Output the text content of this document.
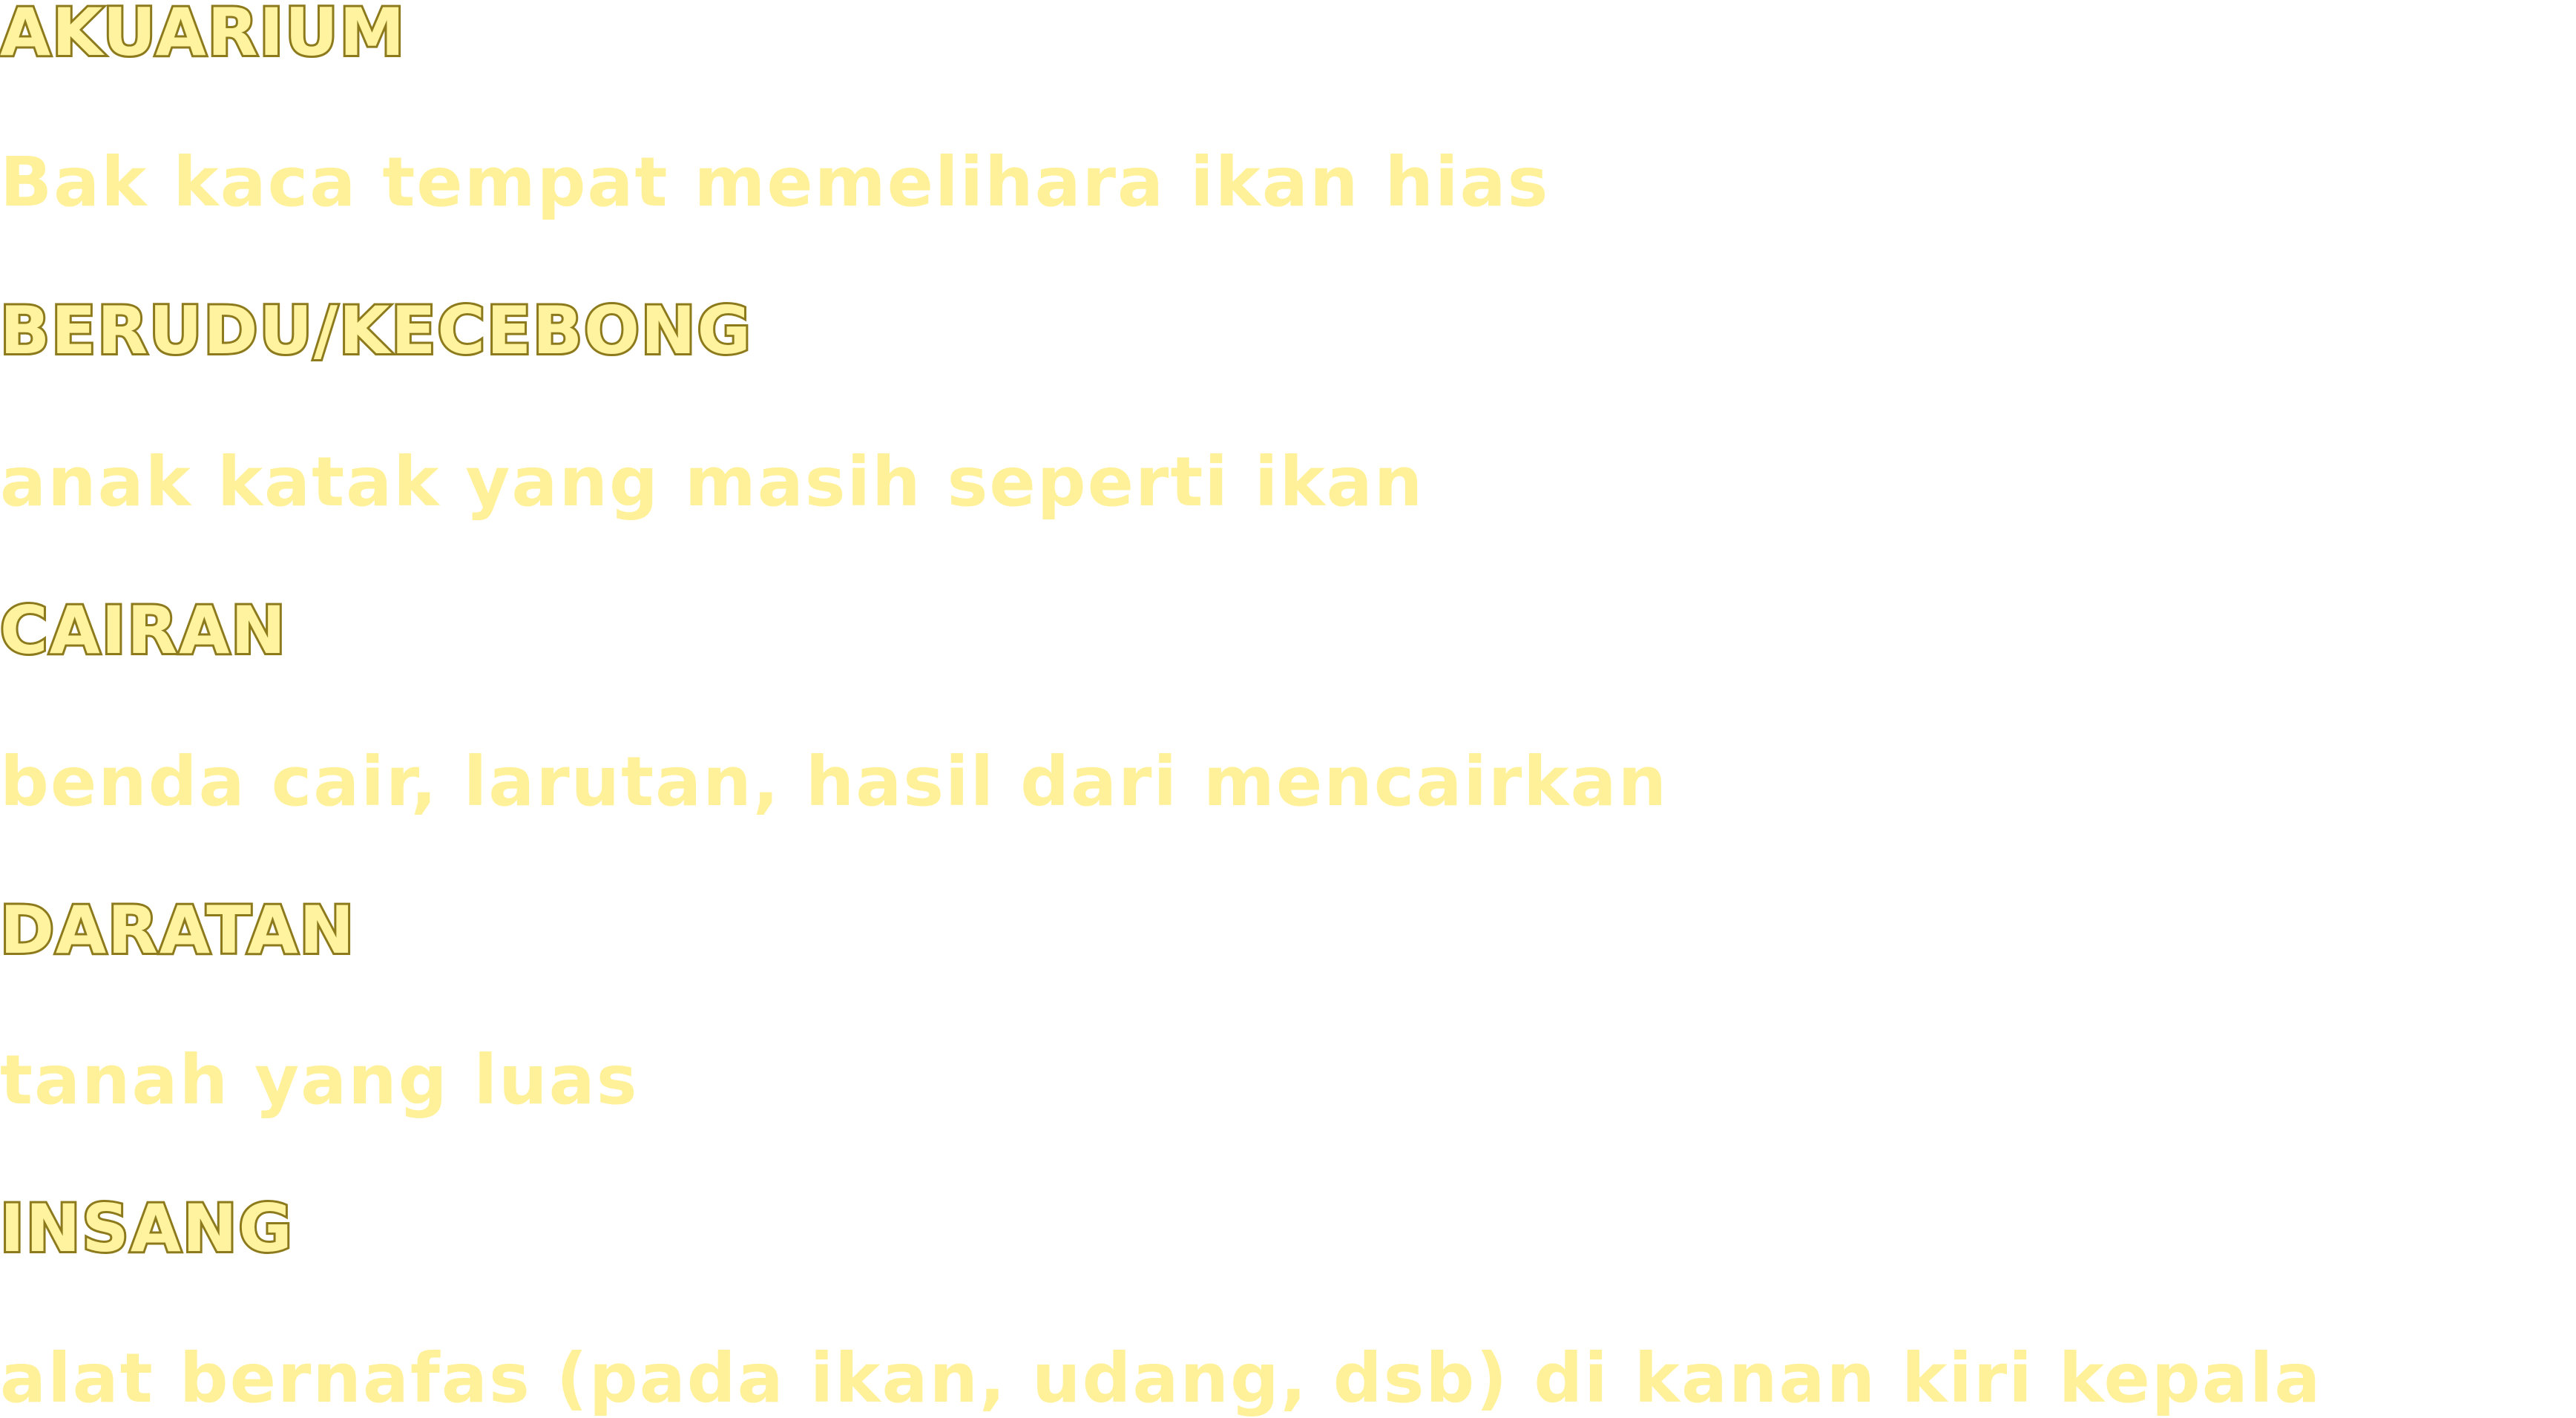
AKUARIUM
Bak kaca tempat memelihara ikan hias
BERUDU/KECEBONG
anak katak yang masih seperti ikan
CAIRAN
benda cair, larutan, hasil dari mencairkan
DARATAN
tanah yang luas
INSANG
alat bernafas (pada ikan, udang, dsb) di kanan kiri kepala
